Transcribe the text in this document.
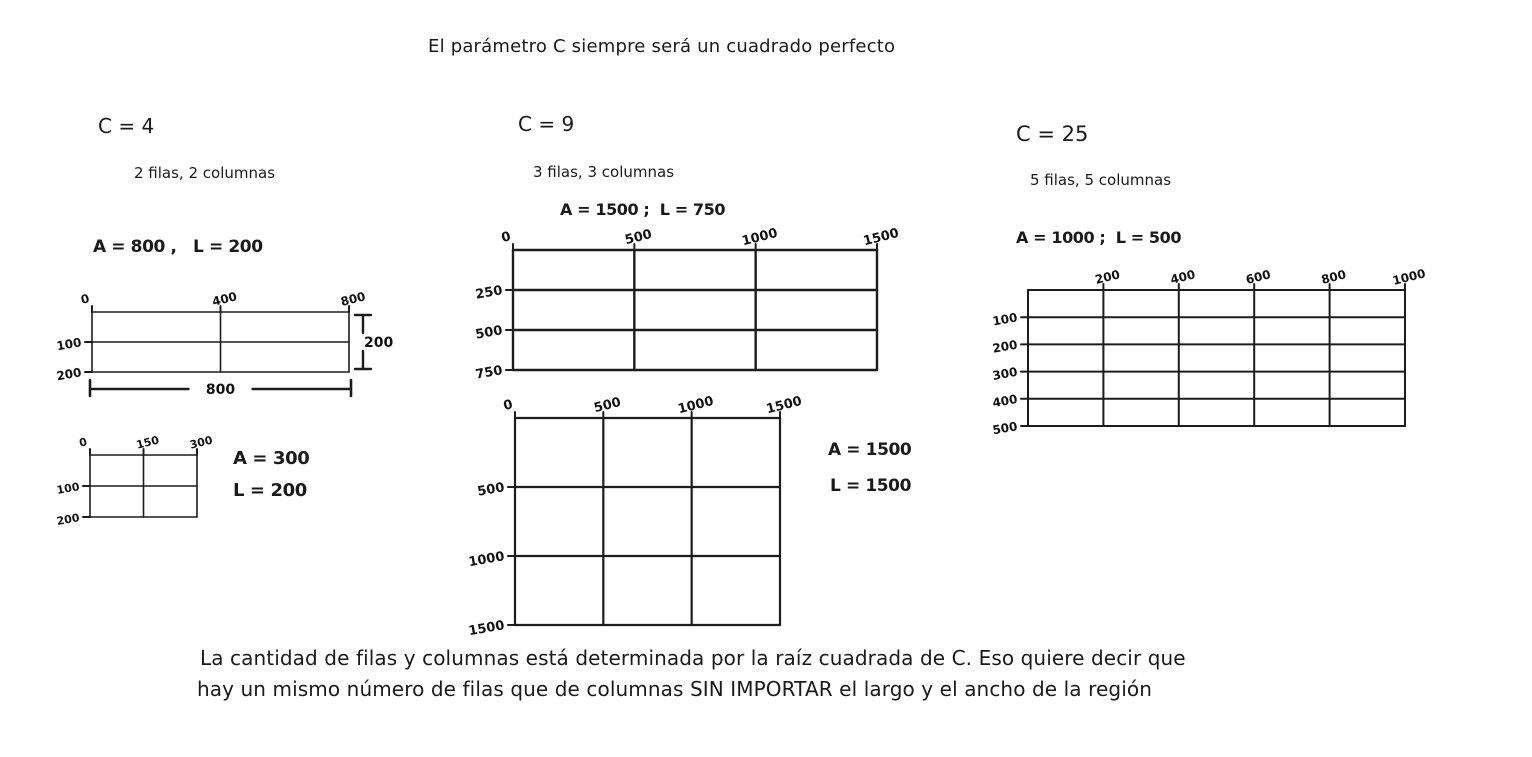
El parámetro C siempre será un cuadrado perfecto
C = 4
2 filas, 2 columnas
A = 800 ,   L = 200
0	400	800
100
200
200
800
0	150	300
100
200
A = 300
L = 200
C = 9
3 filas, 3 columnas
A = 1500 ;  L = 750
0	500	1000	1500
250
500
750
0	500	1000	1500
500
1000
1500
A = 1500
L = 1500
C = 25
5 filas, 5 columnas
A = 1000 ;  L = 500
200	400	600	800	1000
100
200
300
400
500
La cantidad de filas y columnas está determinada por la raíz cuadrada de C. Eso quiere decir que
hay un mismo número de filas que de columnas SIN IMPORTAR el largo y el ancho de la región
